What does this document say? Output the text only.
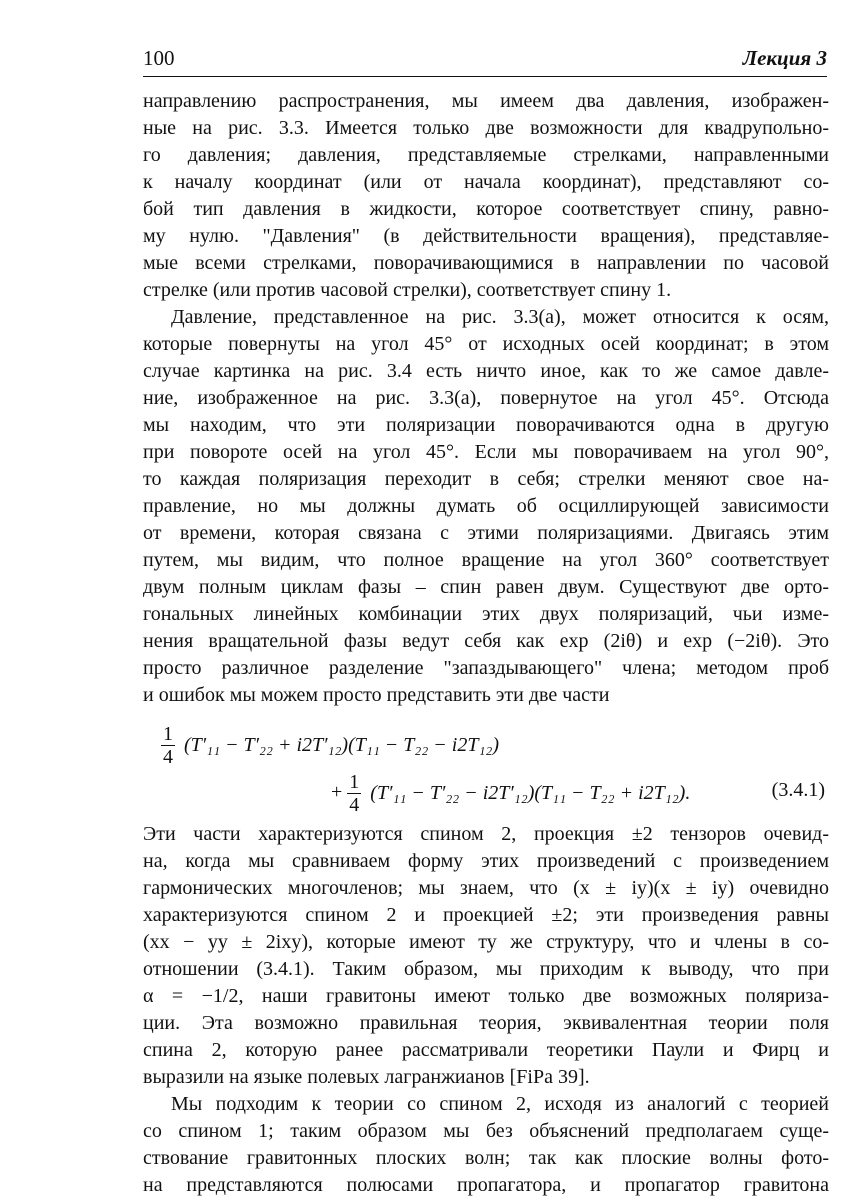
100	Лекция 3
направлению распространения, мы имеем два давления, изображен-
ные на рис. 3.3. Имеется только две возможности для квадрупольно-
го давления; давления, представляемые стрелками, направленными
к началу координат (или от начала координат), представляют со-
бой тип давления в жидкости, которое соответствует спину, равно-
му нулю. "Давления" (в действительности вращения), представляе-
мые всеми стрелками, поворачивающимися в направлении по часовой
стрелке (или против часовой стрелки), соответствует спину 1.
Давление, представленное на рис. 3.3(a), может относится к осям,
которые повернуты на угол 45° от исходных осей координат; в этом
случае картинка на рис. 3.4 есть ничто иное, как то же самое давле-
ние, изображенное на рис. 3.3(a), повернутое на угол 45°. Отсюда
мы находим, что эти поляризации поворачиваются одна в другую
при повороте осей на угол 45°. Если мы поворачиваем на угол 90°,
то каждая поляризация переходит в себя; стрелки меняют свое на-
правление, но мы должны думать об осциллирующей зависимости
от времени, которая связана с этими поляризациями. Двигаясь этим
путем, мы видим, что полное вращение на угол 360° соответствует
двум полным циклам фазы – спин равен двум. Существуют две орто-
гональных линейных комбинации этих двух поляризаций, чьи изме-
нения вращательной фазы ведут себя как exp (2iθ) и exp (−2iθ). Это
просто различное разделение "запаздывающего" члена; методом проб
и ошибок мы можем просто представить эти две части
$\frac{1}{4} (T'_{11} - T'_{22} + i2T'_{12})(T_{11} - T_{22} - i2T_{12})$
+ $\frac{1}{4} (T'_{11} - T'_{22} - i2T'_{12})(T_{11} - T_{22} + i2T_{12})$.	(3.4.1)
Эти части характеризуются спином 2, проекция ±2 тензоров очевид-
на, когда мы сравниваем форму этих произведений с произведением
гармонических многочленов; мы знаем, что (x ± iy)(x ± iy) очевидно
характеризуются спином 2 и проекцией ±2; эти произведения равны
(xx − yy ± 2ixy), которые имеют ту же структуру, что и члены в со-
отношении (3.4.1). Таким образом, мы приходим к выводу, что при
α = −1/2, наши гравитоны имеют только две возможных поляриза-
ции. Эта возможно правильная теория, эквивалентная теории поля
спина 2, которую ранее рассматривали теоретики Паули и Фирц и
выразили на языке полевых лагранжианов [FiPa 39].
Мы подходим к теории со спином 2, исходя из аналогий с теорией
со спином 1; таким образом мы без объяснений предполагаем суще-
ствование гравитонных плоских волн; так как плоские волны фото-
на представляются полюсами пропагатора, и пропагатор гравитона
